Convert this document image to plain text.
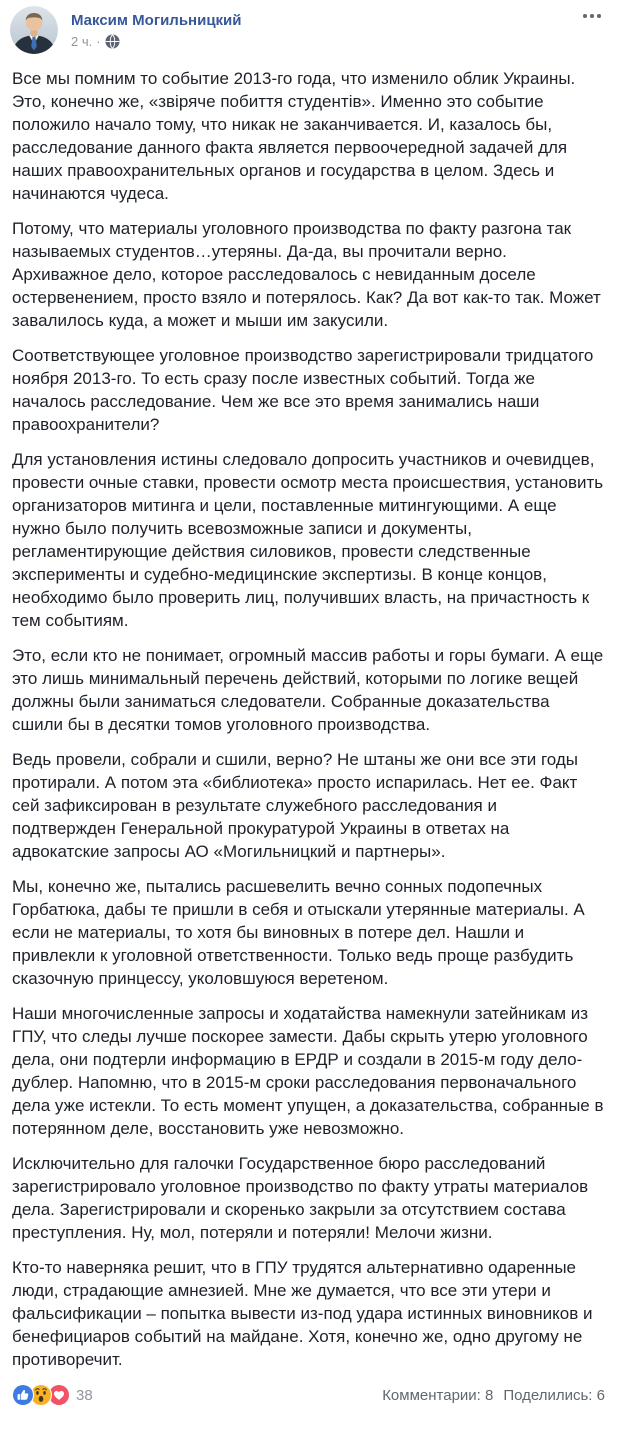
Максим Могильницкий
2 ч. ·

Все мы помним то событие 2013-го года, что изменило облик Украины. Это, конечно же, «звіряче побиття студентів». Именно это событие положило начало тому, что никак не заканчивается. И, казалось бы, расследование данного факта является первоочередной задачей для наших правоохранительных органов и государства в целом. Здесь и начинаются чудеса.

Потому, что материалы уголовного производства по факту разгона так называемых студентов…утеряны. Да-да, вы прочитали верно. Архиважное дело, которое расследовалось с невиданным доселе остервенением, просто взяло и потерялось. Как? Да вот как-то так. Может завалилось куда, а может и мыши им закусили.

Соответствующее уголовное производство зарегистрировали тридцатого ноября 2013-го. То есть сразу после известных событий. Тогда же началось расследование. Чем же все это время занимались наши правоохранители?

Для установления истины следовало допросить участников и очевидцев, провести очные ставки, провести осмотр места происшествия, установить организаторов митинга и цели, поставленные митингующими. А еще нужно было получить всевозможные записи и документы, регламентирующие действия силовиков, провести следственные эксперименты и судебно-медицинские экспертизы. В конце концов, необходимо было проверить лиц, получивших власть, на причастность к тем событиям.

Это, если кто не понимает, огромный массив работы и горы бумаги. А еще это лишь минимальный перечень действий, которыми по логике вещей должны были заниматься следователи. Собранные доказательства сшили бы в десятки томов уголовного производства.

Ведь провели, собрали и сшили, верно? Не штаны же они все эти годы протирали. А потом эта «библиотека» просто испарилась. Нет ее. Факт сей зафиксирован в результате служебного расследования и подтвержден Генеральной прокуратурой Украины в ответах на адвокатские запросы АО «Могильницкий и партнеры».

Мы, конечно же, пытались расшевелить вечно сонных подопечных Горбатюка, дабы те пришли в себя и отыскали утерянные материалы. А если не материалы, то хотя бы виновных в потере дел. Нашли и привлекли к уголовной ответственности. Только ведь проще разбудить сказочную принцессу, уколовшуюся веретеном.

Наши многочисленные запросы и ходатайства намекнули затейникам из ГПУ, что следы лучше поскорее замести. Дабы скрыть утерю уголовного дела, они подтерли информацию в ЕРДР и создали в 2015-м году дело-дублер. Напомню, что в 2015-м сроки расследования первоначального дела уже истекли. То есть момент упущен, а доказательства, собранные в потерянном деле, восстановить уже невозможно.

Исключительно для галочки Государственное бюро расследований зарегистрировало уголовное производство по факту утраты материалов дела. Зарегистрировали и скоренько закрыли за отсутствием состава преступления. Ну, мол, потеряли и потеряли! Мелочи жизни.

Кто-то наверняка решит, что в ГПУ трудятся альтернативно одаренные люди, страдающие амнезией. Мне же думается, что все эти утери и фальсификации – попытка вывести из-под удара истинных виновников и бенефициаров событий на майдане. Хотя, конечно же, одно другому не противоречит.

38	Комментарии: 8 Поделились: 6
